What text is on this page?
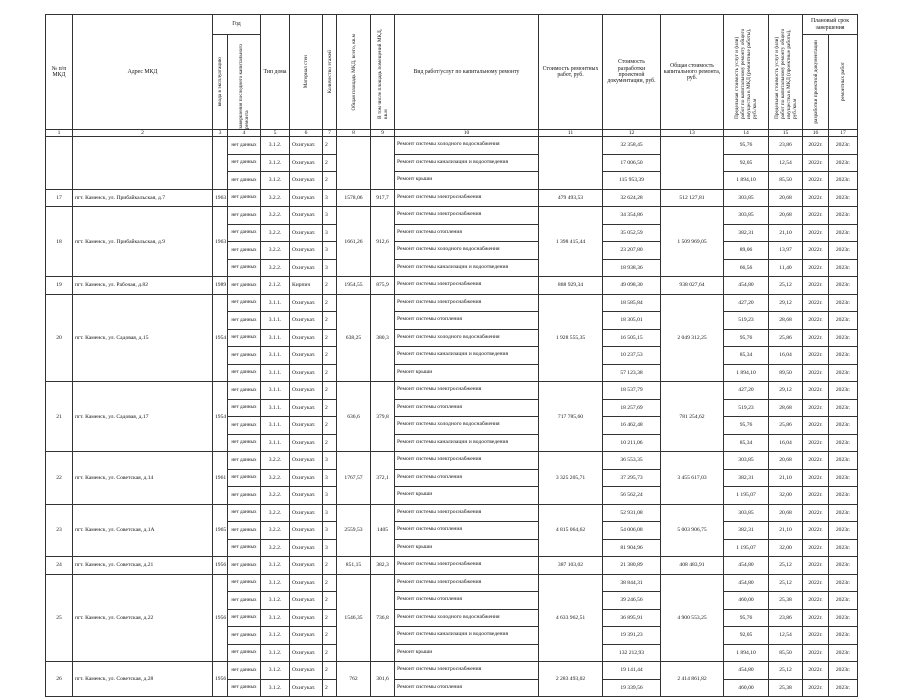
№ п/п МКД	Адрес МКД	Год		Тип дома	Материал стен	Количество этажей	Общая площадь МКД, всего, кв.м	В том числе площадь помещений МКД, кв.м	Вид работ/услуг по капитальному ремонту	Стоимость ремонтных работ, руб.	Стоимость разработки проектной документации, руб.	Общая стоимость капитального ремонта, руб.	Предельная стоимость услуг и (или) работ по капитальному ремонту общего имущества в МКД (ремонтные работы), руб./кв.м	Предельная стоимость услуг и (или) работ по капитальному ремонту общего имущества в МКД (проектные работы), руб./кв.м	Плановый срок завершения	

		ввода в эксплуатацию	завершения последнего капитального ремонта												разработки проектной документации	ремонтных работ

1	2	3	4	5	6	7	8	9	10	11	12	13	14	15	16	17
			нет данных	3.1.2.	Охигукат.	2			Ремонт системы холодного водоснабжения		32 358,45		95,76	23,86	2022г.	2023г.
			нет данных	3.1.2.	Охигукат.	2			Ремонт системы канализации и водоотведения		17 006,50		92,05	12,54	2022г.	2023г.
			нет данных	3.1.2.	Охигукат.	2			Ремонт крыши		115 953,39		1 894,10	85,50	2022г.	2023г.
17	пгт. Каменск, ул. Прибайкальская, д.7	1963	нет данных	3.2.2.	Охигукат.	3	1578,06	917,7	Ремонт системы электроснабжения	479 493,53	32 624,28	512 127,81	303,85	20,68	2022г.	2023г.
18	пгт. Каменск, ул. Прибайкальская, д.9	1963	нет данных	3.2.2.	Охигукат.	3	1661,26	912,6	Ремонт системы электроснабжения	1 398 415,44	34 354,86	1 509 969,05	303,85	20,68	2022г.	2023г.
			нет данных	3.2.2.	Охигукат.	3			Ремонт системы отопления		35 052,59		382,31	21,10	2022г.	2023г.
			нет данных	3.2.2.	Охигукат.	3			Ремонт системы холодного водоснабжения		23 207,80		89,06	13,97	2022г.	2023г.
			нет данных	3.2.2.	Охигукат.	3			Ремонт системы канализации и водоотведения		18 938,36		66,56	11,40	2022г.	2023г.
19	пгт. Каменск, ул. Рабочая, д.82	1989	нет данных	2.1.2.	Кирпич	2	1954,55	875,9	Ремонт системы электроснабжения	888 929,34	49 098,30	938 027,64	454,80	25,12	2022г.	2023г.
20	пгт. Каменск, ул. Садовая, д.15	1954	нет данных	3.1.1.	Охигукат.	2	638,25	380,3	Ремонт системы электроснабжения	1 928 555,35	18 585,84	2 049 312,25	427,20	29,12	2022г.	2023г.
			нет данных	3.1.1.	Охигукат.	2			Ремонт системы отопления		18 305,01		519,23	28,68	2022г.	2023г.
			нет данных	3.1.1.	Охигукат.	2			Ремонт системы холодного водоснабжения		16 505,15		95,76	25,86	2022г.	2023г.
			нет данных	3.1.1.	Охигукат.	2			Ремонт системы канализации и водоотведения		10 237,53		85,34	16,04	2022г.	2023г.
			нет данных	3.1.1.	Охигукат.	2			Ремонт крыши		57 123,38		1 894,10	89,50	2022г.	2023г.
21	пгт. Каменск, ул. Садовая, д.17	1954	нет данных	3.1.1.	Охигукат.	2	636,6	379,8	Ремонт системы электроснабжения	717 785,60	18 537,79	781 254,62	427,20	29,12	2022г.	2023г.
			нет данных	3.1.1.	Охигукат.	2			Ремонт системы отопления		18 257,69		519,23	28,68	2022г.	2023г.
			нет данных	3.1.1.	Охигукат.	2			Ремонт системы холодного водоснабжения		16 462,48		95,76	25,86	2022г.	2023г.
			нет данных	3.1.1.	Охигукат.	2			Ремонт системы канализации и водоотведения		10 211,06		85,34	16,04	2022г.	2023г.
22	пгт. Каменск, ул. Советская, д.14	1961	нет данных	3.2.2.	Охигукат.	3	1767,57	372,1	Ремонт системы электроснабжения	3 325 205,71	36 553,35	3 455 617,03	303,85	20,68	2022г.	2023г.
			нет данных	3.2.2.	Охигукат.	3			Ремонт системы отопления		37 295,73		382,31	21,10	2022г.	2023г.
			нет данных	3.2.2.	Охигукат.	3			Ремонт крыши		56 562,24		1 195,07	32,00	2022г.	2023г.
23	пгт. Каменск, ул. Советская, д.1А	1965	нет данных	3.2.2.	Охигукат.	3	2559,53	1405	Ремонт системы электроснабжения	4 815 064,62	52 931,08	5 003 906,75	303,85	20,68	2022г.	2023г.
			нет данных	3.2.2.	Охигукат.	3			Ремонт системы отопления		54 006,08		382,31	21,10	2022г.	2023г.
			нет данных	3.2.2.	Охигукат.	3			Ремонт крыши		81 904,96		1 195,07	32,00	2022г.	2023г.
24	пгт. Каменск, ул. Советская, д.21	1956	нет данных	3.1.2.	Охигукат.	2	851,15	382,3	Ремонт системы электроснабжения	387 103,02	21 380,89	408 483,91	454,80	25,12	2022г.	2023г.
25	пгт. Каменск, ул. Советская, д.22	1956	нет данных	3.1.2.	Охигукат.	2	1546,35	736,8	Ремонт системы электроснабжения	4 633 962,51	38 844,31	4 900 553,25	454,80	25,12	2022г.	2023г.
			нет данных	3.1.2.	Охигукат.	2			Ремонт системы отопления		39 246,56		460,00	25,38	2022г.	2023г.
			нет данных	3.1.2.	Охигукат.	2			Ремонт системы холодного водоснабжения		36 895,91		95,76	23,86	2022г.	2023г.
			нет данных	3.1.2.	Охигукат.	2			Ремонт системы канализации и водоотведения		19 391,23		92,05	12,54	2022г.	2023г.
			нет данных	3.1.2.	Охигукат.	2			Ремонт крыши		132 212,93		1 894,10	85,50	2022г.	2023г.
26	пгт. Каменск, ул. Советская, д.28	1956	нет данных	3.1.2.	Охигукат.	2	762	301,6	Ремонт системы электроснабжения	2 283 493,02	19 141,44	2 414 861,82	454,80	25,12	2022г.	2023г.
			нет данных	3.1.2.	Охигукат.	2			Ремонт системы отопления		19 339,56		460,00	25,38	2022г.	2023г.
